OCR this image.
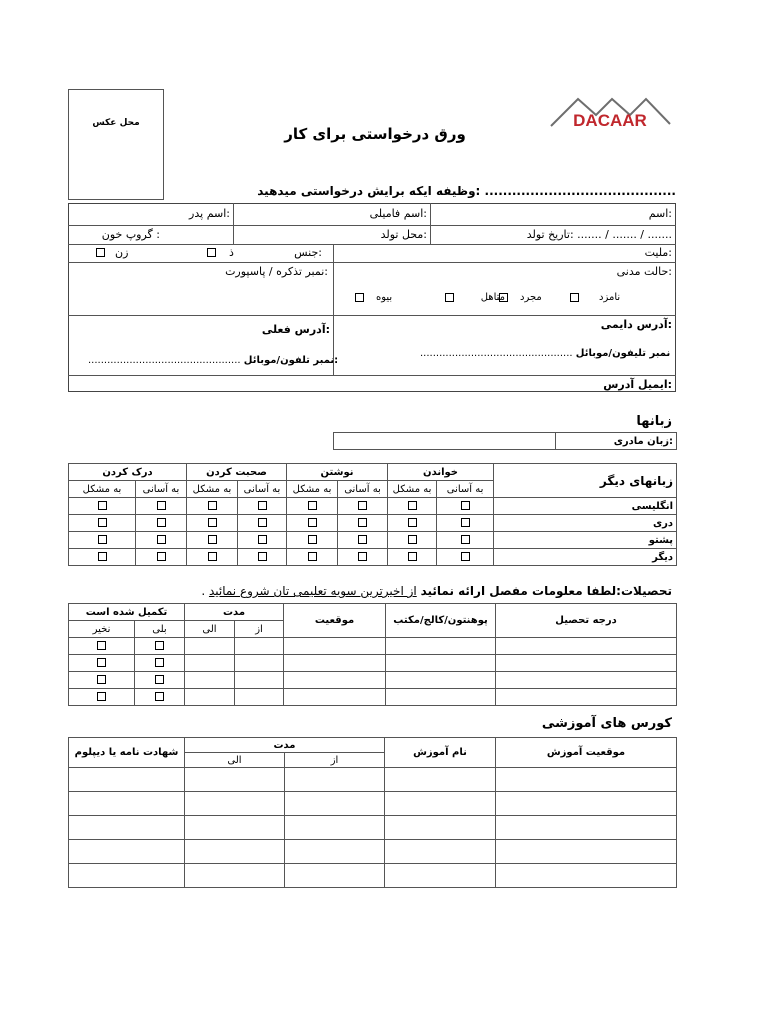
محل عکس	DACAAR
ورق درخواستی برای کار
.......................................... :وظیفه ایکه برایش درخواستی میدهید
:اسم
:اسم فامیلی
:اسم پدر
....... / ....... / ....... :تاریخ تولد
:محل تولد
: گروپ خون
:ملیت
:جنس
ذ
زن
:حالت مدنی
:نمبر تذکره / پاسپورت
نامزد
مجرد
متاهل
بیوه
:آدرس دایمی
:آدرس فعلی
نمبر تلیفون/موبائل ................................................
:نمبر تلفون/موبائل ................................................
:ایمیل آدرس
زبانها
	:زبان مادری
درک کردن		صحبت کردن		نوشتن		خواندن		زبانهای دیگر
به مشکل	به آسانی	به مشکل	به آسانی	به مشکل	به آسانی	به مشکل	به آسانی	
								انگلیسی
								دری
								پشتو
								دیگر
تحصیلات:لطفا معلومات مفصل ارائه نمائید از اخیرترین سویه تعلیمی تان شروع نمائید .
تکمیل شده است		مدت		موقعیت	پوهنتون/کالج/مکتب	درجه تحصیل
نخیر	بلی	الی	از			

کورس های آموزشی
شهادت نامه یا دیپلوم	مدت		نام آموزش	موقعیت آموزش
	الی	از		
